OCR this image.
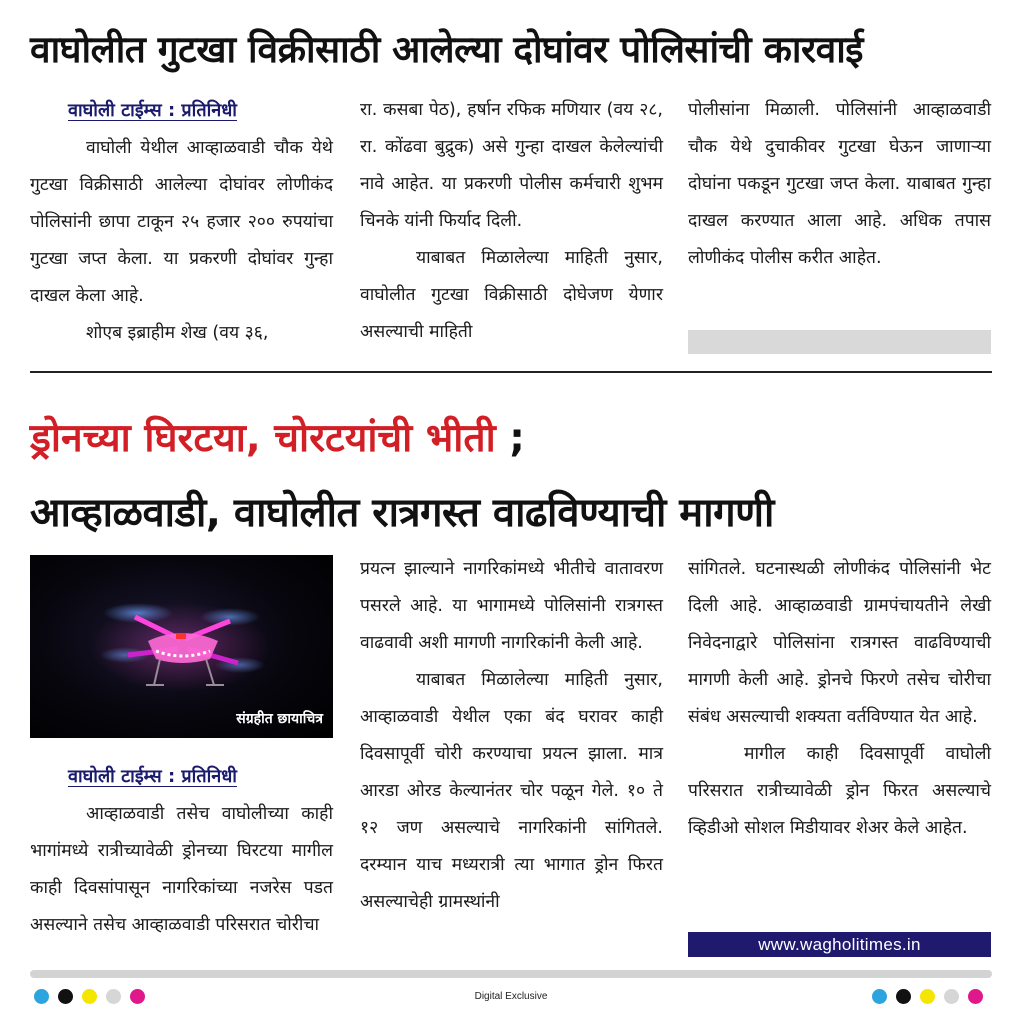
वाघोलीत गुटखा विक्रीसाठी आलेल्या दोघांवर पोलिसांची कारवाई
वाघोली टाईम्स : प्रतिनिधी

वाघोली येथील आव्हाळवाडी चौक येथे गुटखा विक्रीसाठी आलेल्या दोघांवर लोणीकंद पोलिसांनी छापा टाकून २५ हजार २०० रुपयांचा गुटखा जप्त केला. या प्रकरणी दोघांवर गुन्हा दाखल केला आहे.

शोएब इब्राहीम शेख (वय ३६,

रा. कसबा पेठ), हर्षान रफिक मणियार (वय २८, रा. कोंढवा बुद्रुक) असे गुन्हा दाखल केलेल्यांची नावे आहेत. या प्रकरणी पोलीस कर्मचारी शुभम चिनके यांनी फिर्याद दिली.

याबाबत मिळालेल्या माहिती नुसार, वाघोलीत गुटखा विक्रीसाठी दोघेजण येणार असल्याची माहिती

पोलीसांना मिळाली. पोलिसांनी आव्हाळवाडी चौक येथे दुचाकीवर गुटखा घेऊन जाणाऱ्या दोघांना पकडून गुटखा जप्त केला. याबाबत गुन्हा दाखल करण्यात आला आहे. अधिक तपास लोणीकंद पोलीस करीत आहेत.

ड्रोनच्या घिरटया, चोरटयांची भीती ;
आव्हाळवाडी, वाघोलीत रात्रगस्त वाढविण्याची मागणी
संग्रहीत छायाचित्र
वाघोली टाईम्स : प्रतिनिधी

आव्हाळवाडी तसेच वाघोलीच्या काही भागांमध्ये रात्रीच्यावेळी ड्रोनच्या घिरटया मागील काही दिवसांपासून नागरिकांच्या नजरेस पडत असल्याने तसेच आव्हाळवाडी परिसरात चोरीचा

प्रयत्न झाल्याने नागरिकांमध्ये भीतीचे वातावरण पसरले आहे. या भागामध्ये पोलिसांनी रात्रगस्त वाढवावी अशी मागणी नागरिकांनी केली आहे.

याबाबत मिळालेल्या माहिती नुसार, आव्हाळवाडी येथील एका बंद घरावर काही दिवसापूर्वी चोरी करण्याचा प्रयत्न झाला. मात्र आरडा ओरड केल्यानंतर चोर पळून गेले. १० ते १२ जण असल्याचे नागरिकांनी सांगितले. दरम्यान याच मध्यरात्री त्या भागात ड्रोन फिरत असल्याचेही ग्रामस्थांनी

सांगितले. घटनास्थळी लोणीकंद पोलिसांनी भेट दिली आहे. आव्हाळवाडी ग्रामपंचायतीने लेखी निवेदनाद्वारे पोलिसांना रात्रगस्त वाढविण्याची मागणी केली आहे. ड्रोनचे फिरणे तसेच चोरीचा संबंध असल्याची शक्यता वर्तविण्यात येत आहे.

मागील काही दिवसापूर्वी वाघोली परिसरात रात्रीच्यावेळी ड्रोन फिरत असल्याचे व्हिडीओ सोशल मिडीयावर शेअर केले आहेत.

www.wagholitimes.in
Digital Exclusive
